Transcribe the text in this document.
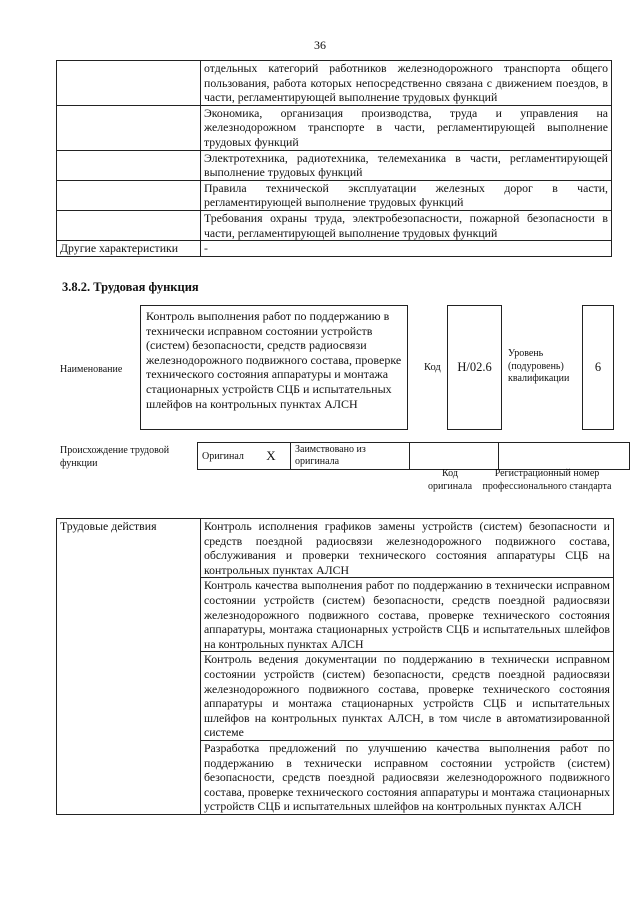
36
	отдельных категорий работников железнодорожного транспорта общего пользования, работа которых непосредственно связана с движением поездов, в части, регламентирующей выполнение трудовых функций
	Экономика, организация производства, труда и управления на железнодорожном транспорте в части, регламентирующей выполнение трудовых функций
	Электротехника, радиотехника, телемеханика в части, регламентирующей выполнение трудовых функций
	Правила технической эксплуатации железных дорог в части, регламентирующей выполнение трудовых функций
	Требования охраны труда, электробезопасности, пожарной безопасности в части, регламентирующей выполнение трудовых функций
Другие характеристики	-
3.8.2. Трудовая функция
Наименование
Контроль выполнения работ по поддержанию в технически исправном состоянии устройств (систем) безопасности, средств радиосвязи железнодорожного подвижного состава, проверке технического состояния аппаратуры и монтажа стационарных устройств СЦБ и испытательных шлейфов на контрольных пунктах АЛСН
Код Н/02.6
Уровень (подуровень) квалификации
6
Происхождение трудовой функции
Оригинал	X	Заимствовано из оригинала		
Код оригинала
Регистрационный номер профессионального стандарта
Трудовые действия	Контроль исполнения графиков замены устройств (систем) безопасности и средств поездной радиосвязи железнодорожного подвижного состава, обслуживания и проверки технического состояния аппаратуры СЦБ на контрольных пунктах АЛСН
Контроль качества выполнения работ по поддержанию в технически исправном состоянии устройств (систем) безопасности, средств поездной радиосвязи железнодорожного подвижного состава, проверке технического состояния аппаратуры, монтажа стационарных устройств СЦБ и испытательных шлейфов на контрольных пунктах АЛСН
Контроль ведения документации по поддержанию в технически исправном состоянии устройств (систем) безопасности, средств поездной радиосвязи железнодорожного подвижного состава, проверке технического состояния аппаратуры и монтажа стационарных устройств СЦБ и испытательных шлейфов на контрольных пунктах АЛСН, в том числе в автоматизированной системе
Разработка предложений по улучшению качества выполнения работ по поддержанию в технически исправном состоянии устройств (систем) безопасности, средств поездной радиосвязи железнодорожного подвижного состава, проверке технического состояния аппаратуры и монтажа стационарных устройств СЦБ и испытательных шлейфов на контрольных пунктах АЛСН
